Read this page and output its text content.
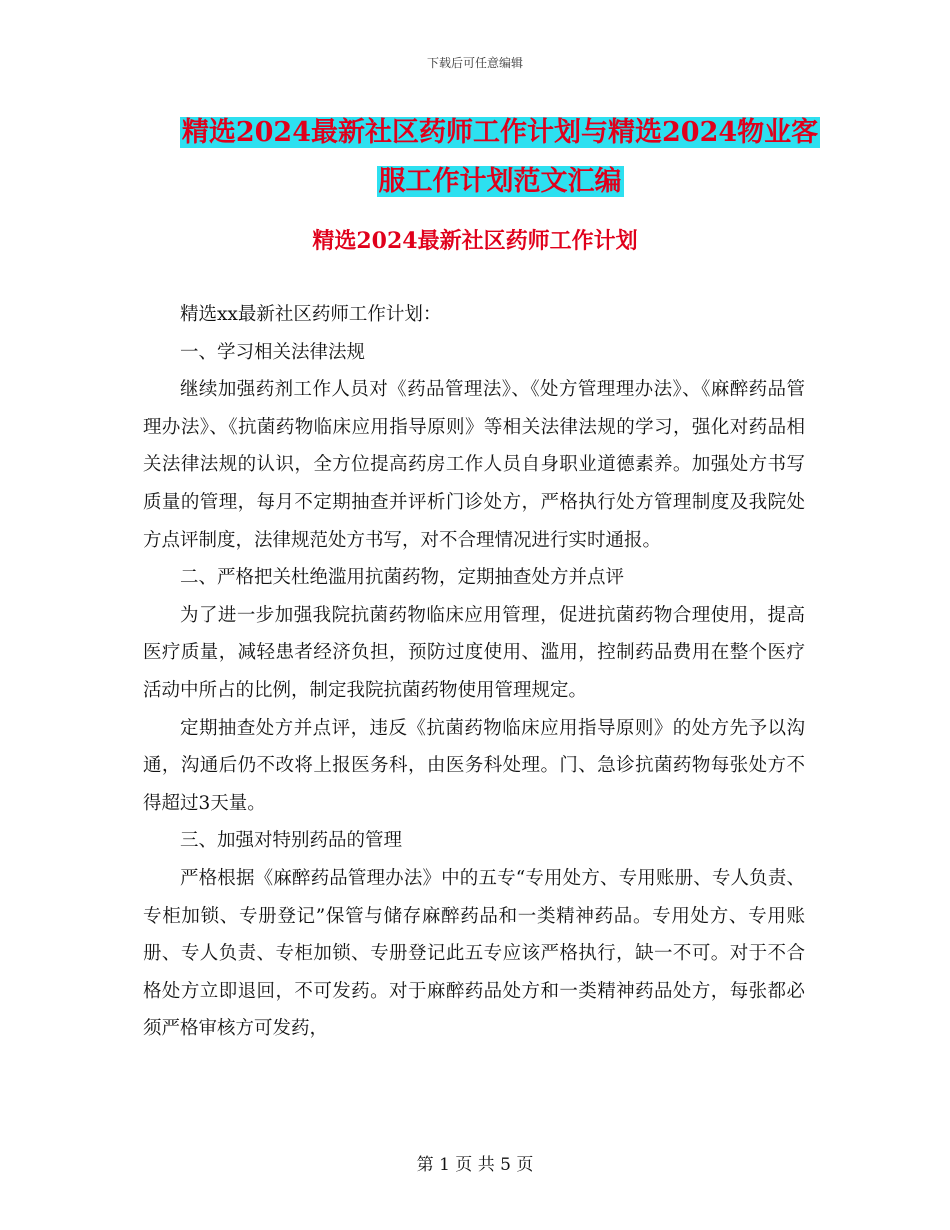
下载后可任意编辑
精选2024最新社区药师工作计划与精选2024物业客
服工作计划范文汇编
精选2024最新社区药师工作计划

精选xx最新社区药师工作计划：

一、学习相关法律法规

继续加强药剂工作人员对《药品管理法》、《处方管理理办法》、《麻醉药品管理办法》、《抗菌药物临床应用指导原则》等相关法律法规的学习，强化对药品相关法律法规的认识，全方位提高药房工作人员自身职业道德素养。加强处方书写质量的管理，每月不定期抽查并评析门诊处方，严格执行处方管理制度及我院处方点评制度，法律规范处方书写，对不合理情况进行实时通报。

二、严格把关杜绝滥用抗菌药物，定期抽查处方并点评

为了进一步加强我院抗菌药物临床应用管理，促进抗菌药物合理使用，提高医疗质量，减轻患者经济负担，预防过度使用、滥用，控制药品费用在整个医疗活动中所占的比例，制定我院抗菌药物使用管理规定。

定期抽查处方并点评，违反《抗菌药物临床应用指导原则》的处方先予以沟通，沟通后仍不改将上报医务科，由医务科处理。门、急诊抗菌药物每张处方不得超过3天量。

三、加强对特别药品的管理

严格根据《麻醉药品管理办法》中的五专“专用处方、专用账册、专人负责、专柜加锁、专册登记”保管与储存麻醉药品和一类精神药品。专用处方、专用账册、专人负责、专柜加锁、专册登记此五专应该严格执行，缺一不可。对于不合格处方立即退回，不可发药。对于麻醉药品处方和一类精神药品处方，每张都必须严格审核方可发药，

第 1 页 共 5 页
